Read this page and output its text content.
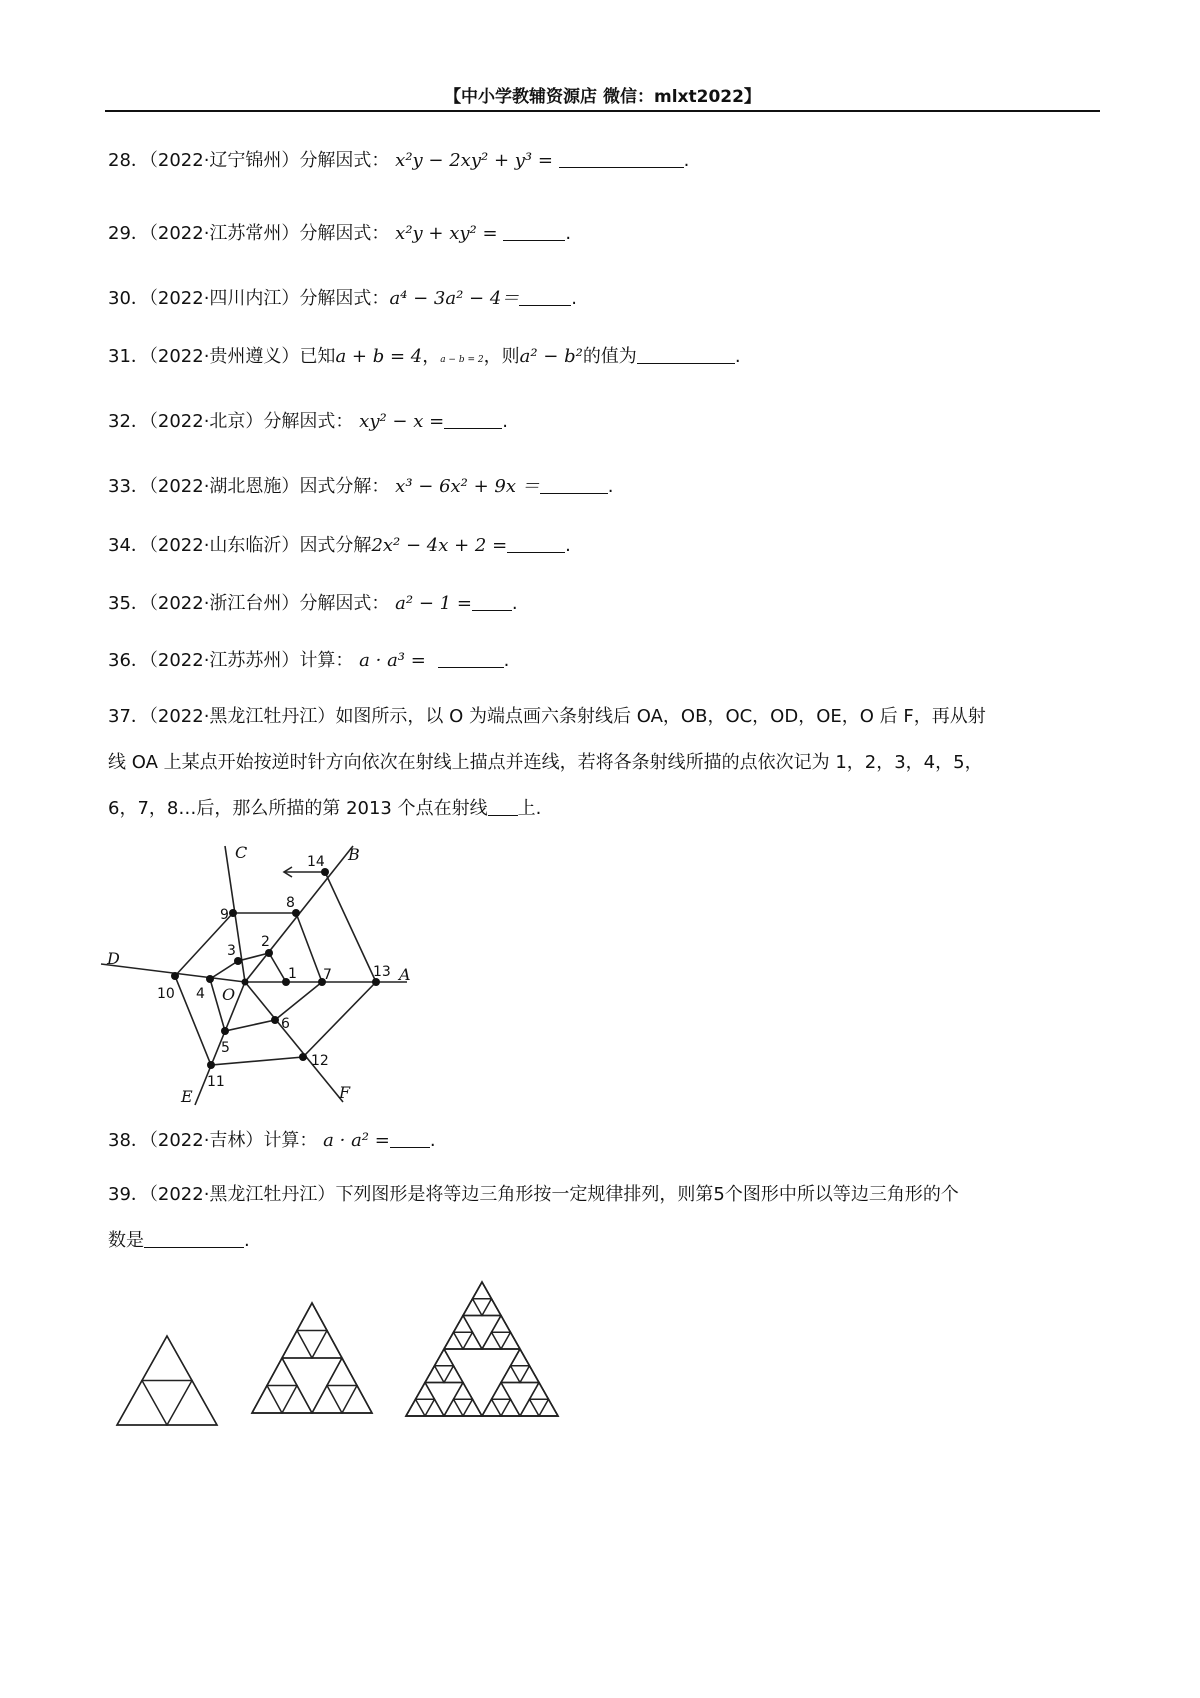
【中小学教辅资源店 微信：mlxt2022】
28．（2022·辽宁锦州）分解因式： x²y − 2xy² + y³ =	.
29．（2022·江苏常州）分解因式： x²y + xy² =	.
30．（2022·四川内江）分解因式：a⁴ − 3a² − 4＝	.
31．（2022·贵州遵义）已知a + b = 4，a − b = 2，则a² − b²的值为	.
32．（2022·北京）分解因式： xy² − x =	.
33．（2022·湖北恩施）因式分解： x³ − 6x² + 9x ＝	.
34．（2022·山东临沂）因式分解2x² − 4x + 2 =	.
35．（2022·浙江台州）分解因式： a² − 1 = .
36．（2022·江苏苏州）计算： a · a³ =	.
37．（2022·黑龙江牡丹江）如图所示，以 O 为端点画六条射线后 OA，OB，OC，OD，OE，O 后 F，再从射
线 OA 上某点开始按逆时针方向依次在射线上描点并连线，若将各条射线所描的点依次记为 1，2，3，4，5，
6，7，8…后，那么所描的第 2013 个点在射线 上.
A
B
C
D
E	F
O
1
2
3
4
5
6
7
8
9
10
11
12
13
14
38．（2022·吉林）计算： a · a² = .
39．（2022·黑龙江牡丹江）下列图形是将等边三角形按一定规律排列，则第5个图形中所以等边三角形的个
数是	.
